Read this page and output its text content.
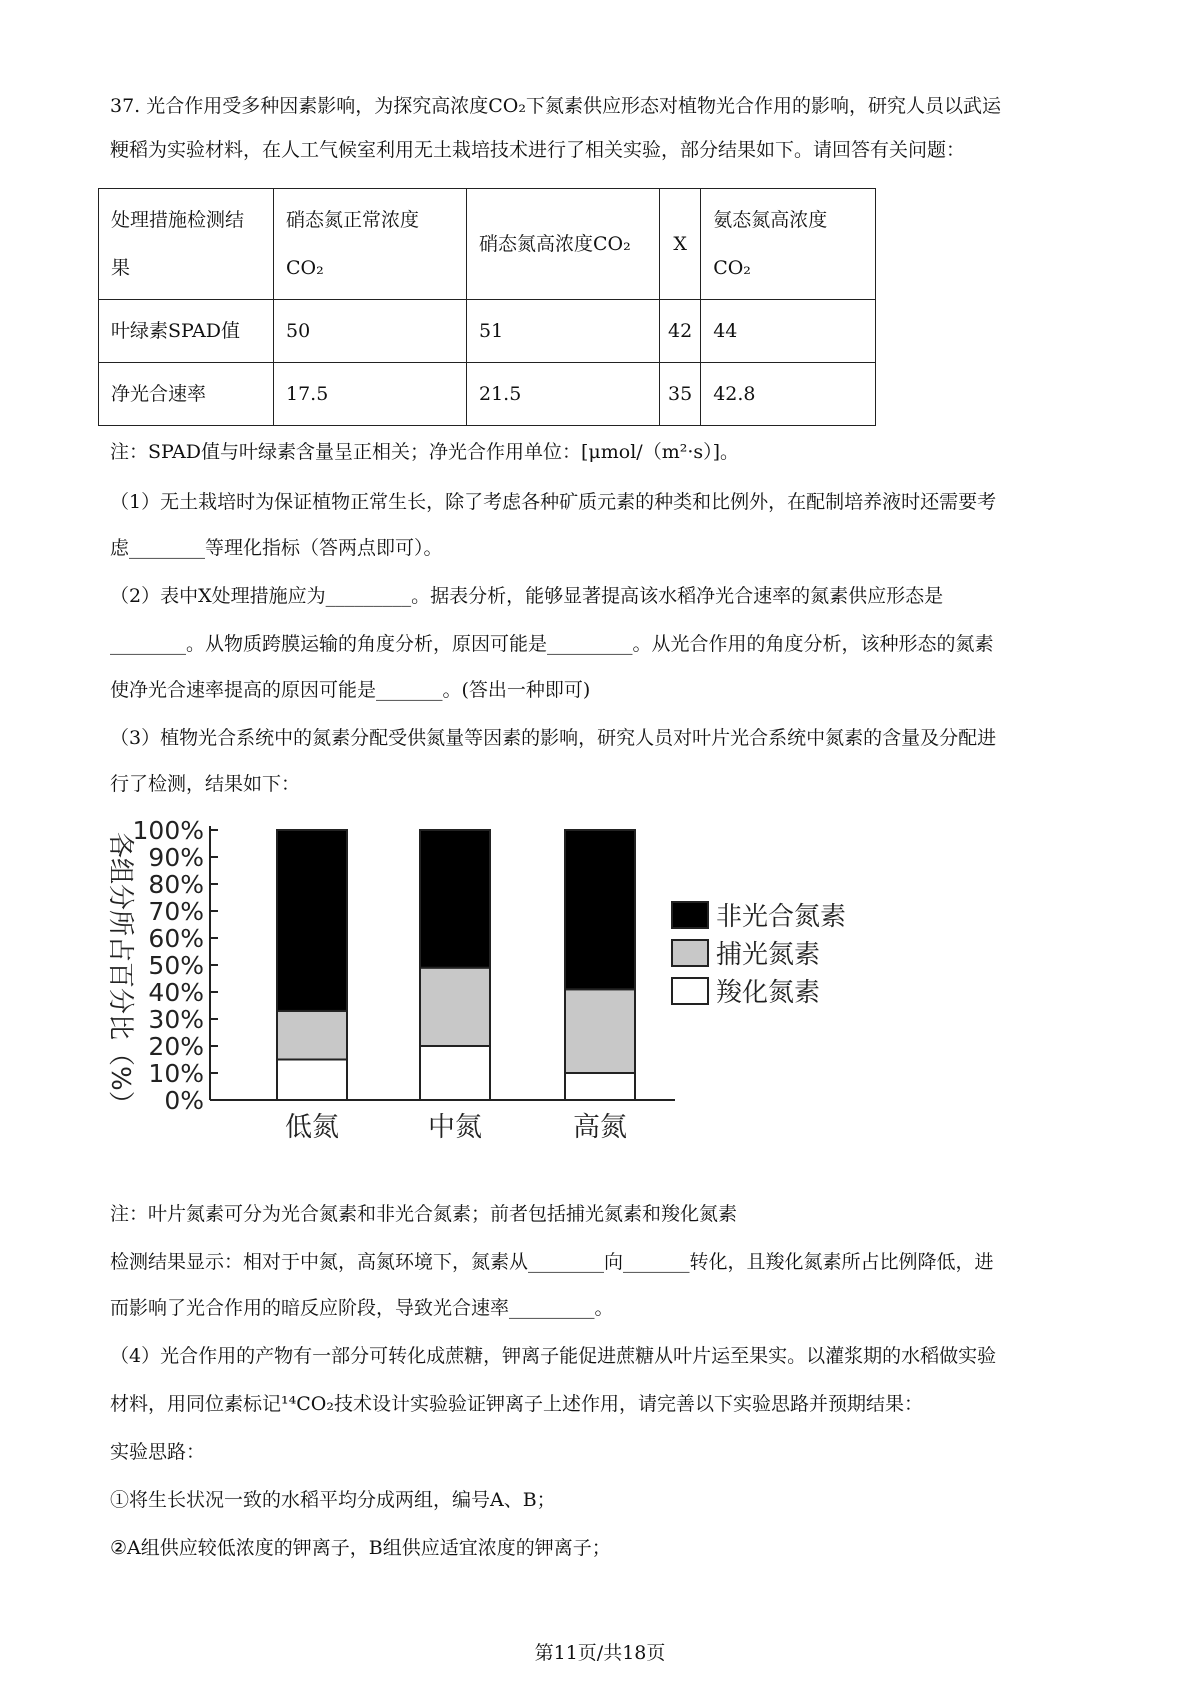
37. 光合作用受多种因素影响，为探究高浓度CO₂下氮素供应形态对植物光合作用的影响，研究人员以武运

粳稻为实验材料，在人工气候室利用无土栽培技术进行了相关实验，部分结果如下。请回答有关问题：

处理措施检测结果	硝态氮正常浓度CO₂	硝态氮高浓度CO₂	X	氨态氮高浓度CO₂
叶绿素SPAD值	50	51	42	44
净光合速率	17.5	21.5	35	42.8

注：SPAD值与叶绿素含量呈正相关；净光合作用单位：[μmol/（m²·s）]。

（1）无土栽培时为保证植物正常生长，除了考虑各种矿质元素的种类和比例外，在配制培养液时还需要考

虑________等理化指标（答两点即可）。

（2）表中X处理措施应为_________。据表分析，能够显著提高该水稻净光合速率的氮素供应形态是

________。从物质跨膜运输的角度分析，原因可能是_________。从光合作用的角度分析，该种形态的氮素

使净光合速率提高的原因可能是_______。(答出一种即可)

（3）植物光合系统中的氮素分配受供氮量等因素的影响，研究人员对叶片光合系统中氮素的含量及分配进

行了检测，结果如下：

0%
10%
20%
30%
40%
50%
60%
70%
80%
90%
100%
各组分所占百分比（%）
低氮	中氮	高氮
非光合氮素
捕光氮素
羧化氮素

注：叶片氮素可分为光合氮素和非光合氮素；前者包括捕光氮素和羧化氮素

检测结果显示：相对于中氮，高氮环境下，氮素从________向_______转化，且羧化氮素所占比例降低，进

而影响了光合作用的暗反应阶段，导致光合速率_________。

（4）光合作用的产物有一部分可转化成蔗糖，钾离子能促进蔗糖从叶片运至果实。以灌浆期的水稻做实验

材料，用同位素标记¹⁴CO₂技术设计实验验证钾离子上述作用，请完善以下实验思路并预期结果：

实验思路：

①将生长状况一致的水稻平均分成两组，编号A、B；

②A组供应较低浓度的钾离子，B组供应适宜浓度的钾离子；

第11页/共18页
